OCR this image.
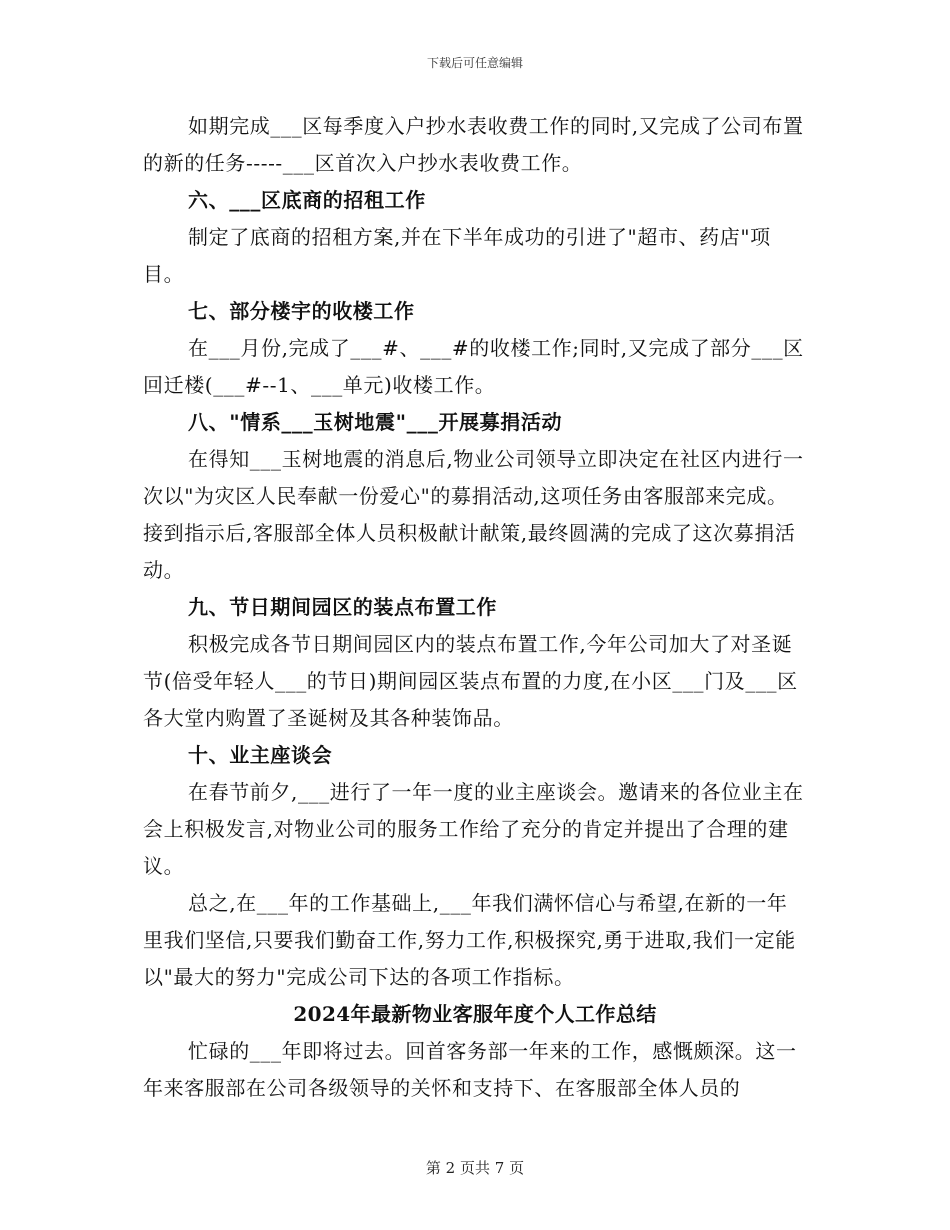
下载后可任意编辑

如期完成___区每季度入户抄水表收费工作的同时,又完成了公司布置的新的任务-----___区首次入户抄水表收费工作。

六、___区底商的招租工作

制定了底商的招租方案,并在下半年成功的引进了"超市、药店"项目。

七、部分楼宇的收楼工作

在___月份,完成了___#、___#的收楼工作;同时,又完成了部分___区回迁楼(___#--1、___单元)收楼工作。

八、"情系___玉树地震"___开展募捐活动

在得知___玉树地震的消息后,物业公司领导立即决定在社区内进行一次以"为灾区人民奉献一份爱心"的募捐活动,这项任务由客服部来完成。接到指示后,客服部全体人员积极献计献策,最终圆满的完成了这次募捐活动。

九、节日期间园区的装点布置工作

积极完成各节日期间园区内的装点布置工作,今年公司加大了对圣诞节(倍受年轻人___的节日)期间园区装点布置的力度,在小区___门及___区各大堂内购置了圣诞树及其各种装饰品。

十、业主座谈会

在春节前夕,___进行了一年一度的业主座谈会。邀请来的各位业主在会上积极发言,对物业公司的服务工作给了充分的肯定并提出了合理的建议。

总之,在___年的工作基础上,___年我们满怀信心与希望,在新的一年里我们坚信,只要我们勤奋工作,努力工作,积极探究,勇于进取,我们一定能以"最大的努力"完成公司下达的各项工作指标。

2024年最新物业客服年度个人工作总结

忙碌的___年即将过去。回首客务部一年来的工作，感慨颇深。这一年来客服部在公司各级领导的关怀和支持下、在客服部全体人员的

第 2 页共 7 页
